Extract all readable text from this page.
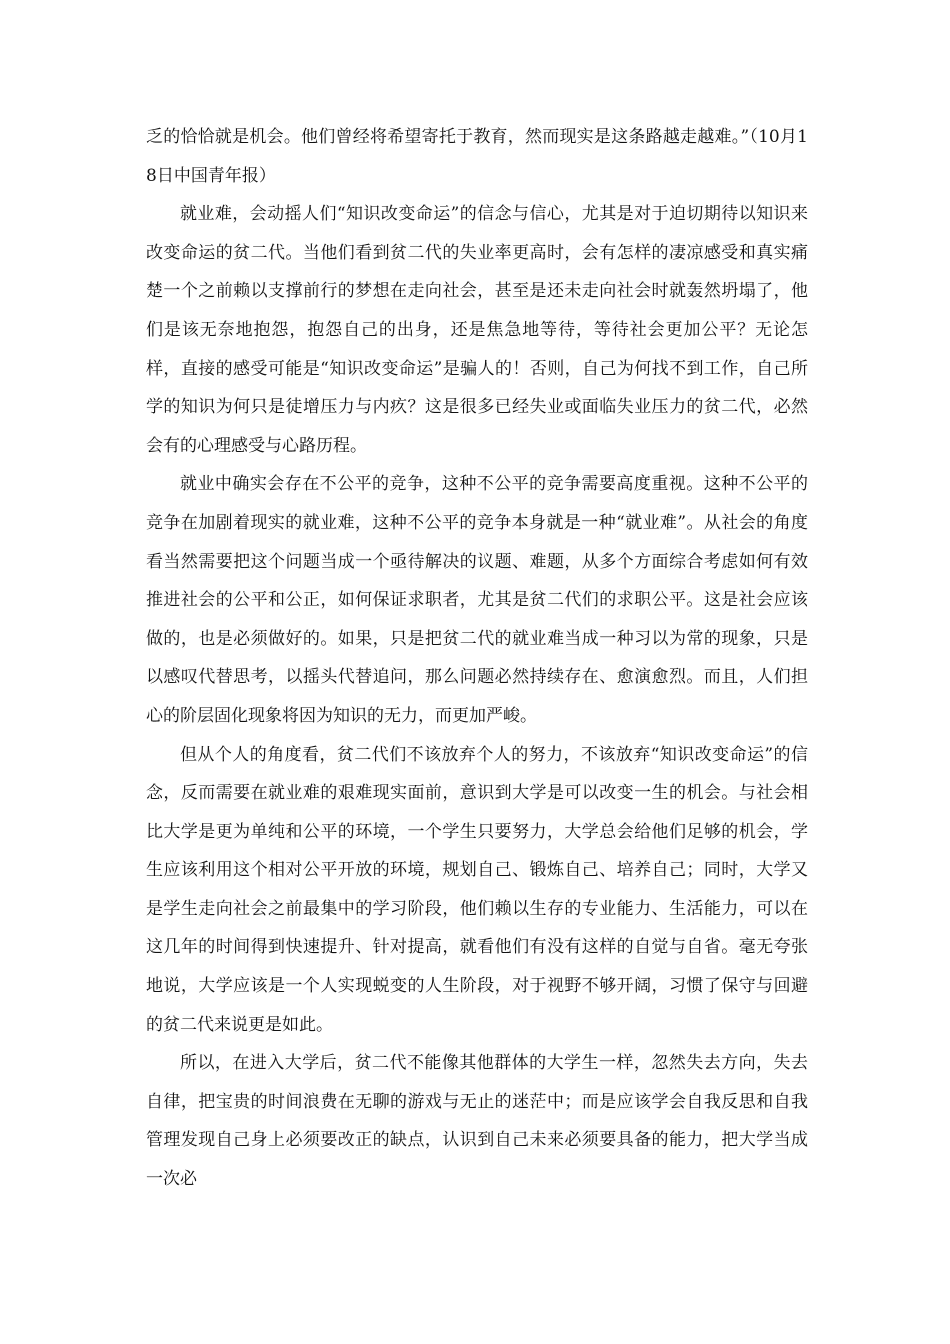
乏的恰恰就是机会。他们曾经将希望寄托于教育，然而现实是这条路越走越难。”（10月18日中国青年报）

就业难，会动摇人们“知识改变命运”的信念与信心，尤其是对于迫切期待以知识来改变命运的贫二代。当他们看到贫二代的失业率更高时，会有怎样的凄凉感受和真实痛楚一个之前赖以支撑前行的梦想在走向社会，甚至是还未走向社会时就轰然坍塌了，他们是该无奈地抱怨，抱怨自己的出身，还是焦急地等待，等待社会更加公平？无论怎样，直接的感受可能是“知识改变命运”是骗人的！否则，自己为何找不到工作，自己所学的知识为何只是徒增压力与内疚？这是很多已经失业或面临失业压力的贫二代，必然会有的心理感受与心路历程。

就业中确实会存在不公平的竞争，这种不公平的竞争需要高度重视。这种不公平的竞争在加剧着现实的就业难，这种不公平的竞争本身就是一种“就业难”。从社会的角度看当然需要把这个问题当成一个亟待解决的议题、难题，从多个方面综合考虑如何有效推进社会的公平和公正，如何保证求职者，尤其是贫二代们的求职公平。这是社会应该做的，也是必须做好的。如果，只是把贫二代的就业难当成一种习以为常的现象，只是以感叹代替思考，以摇头代替追问，那么问题必然持续存在、愈演愈烈。而且，人们担心的阶层固化现象将因为知识的无力，而更加严峻。

但从个人的角度看，贫二代们不该放弃个人的努力，不该放弃“知识改变命运”的信念，反而需要在就业难的艰难现实面前，意识到大学是可以改变一生的机会。与社会相比大学是更为单纯和公平的环境，一个学生只要努力，大学总会给他们足够的机会，学生应该利用这个相对公平开放的环境，规划自己、锻炼自己、培养自己；同时，大学又是学生走向社会之前最集中的学习阶段，他们赖以生存的专业能力、生活能力，可以在这几年的时间得到快速提升、针对提高，就看他们有没有这样的自觉与自省。毫无夸张地说，大学应该是一个人实现蜕变的人生阶段，对于视野不够开阔，习惯了保守与回避的贫二代来说更是如此。

所以，在进入大学后，贫二代不能像其他群体的大学生一样，忽然失去方向，失去自律，把宝贵的时间浪费在无聊的游戏与无止的迷茫中；而是应该学会自我反思和自我管理发现自己身上必须要改正的缺点，认识到自己未来必须要具备的能力，把大学当成一次必
